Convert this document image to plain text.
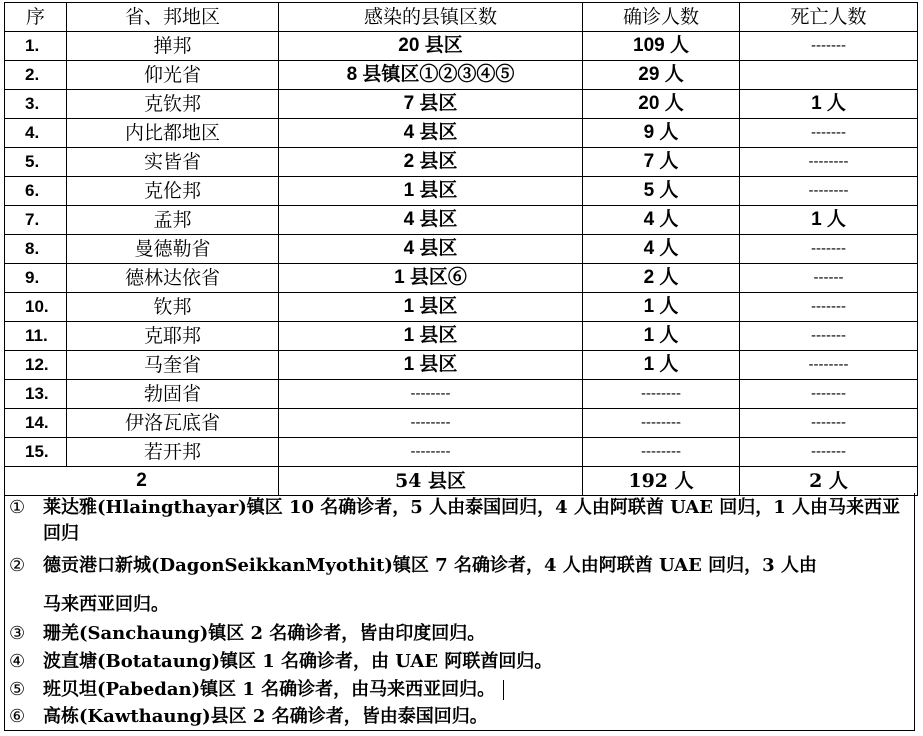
序	省、邦地区	感染的县镇区数	确诊人数	死亡人数
1.	掸邦	20 县区	109 人	-------
2.	仰光省	8 县镇区①②③④⑤	29 人	
3.	克钦邦	7 县区	20 人	1 人
4.	内比都地区	4 县区	9 人	-------
5.	实皆省	2 县区	7 人	--------
6.	克伦邦	1 县区	5 人	--------
7.	孟邦	4 县区	4 人	1 人
8.	曼德勒省	4 县区	4 人	-------
9.	德林达依省	1 县区⑥	2 人	------
10.	钦邦	1 县区	1 人	-------
11.	克耶邦	1 县区	1 人	-------
12.	马奎省	1 县区	1 人	--------
13.	勃固省	--------	--------	-------
14.	伊洛瓦底省	--------	--------	-------
15.	若开邦	--------	--------	-------
2		54 县区	192 人	2 人
① 莱达雅(Hlaingthayar)镇区 10 名确诊者，5 人由泰国回归，4 人由阿联酋 UAE 回归，1 人由马来西亚回归
② 德贡港口新城(DagonSeikkanMyothit)镇区 7 名确诊者，4 人由阿联酋 UAE 回归，3 人由
马来西亚回归。
③ 珊羌(Sanchaung)镇区 2 名确诊者，皆由印度回归。
④ 波直塘(Botataung)镇区 1 名确诊者，由 UAE 阿联酋回归。
⑤ 班贝坦(Pabedan)镇区 1 名确诊者，由马来西亚回归。
⑥ 高栋(Kawthaung)县区 2 名确诊者，皆由泰国回归。
